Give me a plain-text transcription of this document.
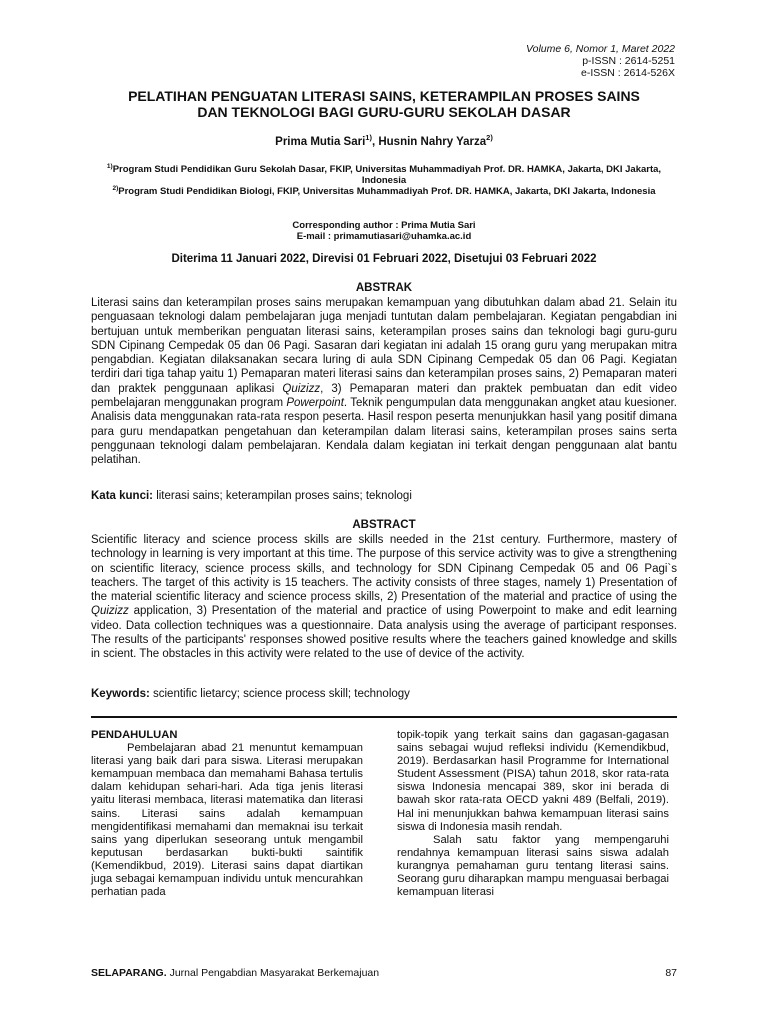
Volume 6, Nomor 1, Maret 2022
p-ISSN : 2614-5251
e-ISSN : 2614-526X
PELATIHAN PENGUATAN LITERASI SAINS, KETERAMPILAN PROSES SAINS
DAN TEKNOLOGI BAGI GURU-GURU SEKOLAH DASAR
Prima Mutia Sari$^{1)}$, Husnin Nahry Yarza$^{2)}$
$^{1)}$Program Studi Pendidikan Guru Sekolah Dasar, FKIP, Universitas Muhammadiyah Prof. DR. HAMKA, Jakarta, DKI Jakarta, Indonesia
$^{2)}$Program Studi Pendidikan Biologi, FKIP, Universitas Muhammadiyah Prof. DR. HAMKA, Jakarta, DKI Jakarta, Indonesia
Corresponding author : Prima Mutia Sari
E-mail : primamutiasari@uhamka.ac.id
Diterima 11 Januari 2022, Direvisi 01 Februari 2022, Disetujui 03 Februari 2022
ABSTRAK

Literasi sains dan keterampilan proses sains merupakan kemampuan yang dibutuhkan dalam abad 21. Selain itu penguasaan teknologi dalam pembelajaran juga menjadi tuntutan dalam pembelajaran. Kegiatan pengabdian ini bertujuan untuk memberikan penguatan literasi sains, keterampilan proses sains dan teknologi bagi guru-guru SDN Cipinang Cempedak 05 dan 06 Pagi. Sasaran dari kegiatan ini adalah 15 orang guru yang merupakan mitra pengabdian. Kegiatan dilaksanakan secara luring di aula SDN Cipinang Cempedak 05 dan 06 Pagi. Kegiatan terdiri dari tiga tahap yaitu 1) Pemaparan materi literasi sains dan keterampilan proses sains, 2) Pemaparan materi dan praktek penggunaan aplikasi Quizizz, 3) Pemaparan materi dan praktek pembuatan dan edit video pembelajaran menggunakan program Powerpoint. Teknik pengumpulan data menggunakan angket atau kuesioner. Analisis data menggunakan rata-rata respon peserta. Hasil respon peserta menunjukkan hasil yang positif dimana para guru mendapatkan pengetahuan dan keterampilan dalam literasi sains, keterampilan proses sains serta penggunaan teknologi dalam pembelajaran. Kendala dalam kegiatan ini terkait dengan penggunaan alat bantu pelatihan.

Kata kunci: literasi sains; keterampilan proses sains; teknologi
ABSTRACT

Scientific literacy and science process skills are skills needed in the 21st century. Furthermore, mastery of technology in learning is very important at this time. The purpose of this service activity was to give a strengthening on scientific literacy, science process skills, and technology for SDN Cipinang Cempedak 05 and 06 Pagi`s teachers. The target of this activity is 15 teachers. The activity consists of three stages, namely 1) Presentation of the material scientific literacy and science process skills, 2) Presentation of the material and practice of using the Quizizz application, 3) Presentation of the material and practice of using Powerpoint to make and edit learning video. Data collection techniques was a questionnaire. Data analysis using the average of participant responses. The results of the participants' responses showed positive results where the teachers gained knowledge and skills in scient. The obstacles in this activity were related to the use of device of the activity.

Keywords: scientific lietarcy; science process skill; technology
PENDAHULUAN

Pembelajaran abad 21 menuntut kemampuan literasi yang baik dari para siswa. Literasi merupakan kemampuan membaca dan memahami Bahasa tertulis dalam kehidupan sehari-hari. Ada tiga jenis literasi yaitu literasi membaca, literasi matematika dan literasi sains. Literasi sains adalah kemampuan mengidentifikasi memahami dan memaknai isu terkait sains yang diperlukan seseorang untuk mengambil keputusan berdasarkan bukti-bukti saintifik (Kemendikbud, 2019). Literasi sains dapat diartikan juga sebagai kemampuan individu untuk mencurahkan perhatian pada

topik-topik yang terkait sains dan gagasan-gagasan sains sebagai wujud refleksi individu (Kemendikbud, 2019). Berdasarkan hasil Programme for International Student Assessment (PISA) tahun 2018, skor rata-rata siswa Indonesia mencapai 389, skor ini berada di bawah skor rata-rata OECD yakni 489 (Belfali, 2019). Hal ini menunjukkan bahwa kemampuan literasi sains siswa di Indonesia masih rendah.

Salah satu faktor yang mempengaruhi rendahnya kemampuan literasi sains siswa adalah kurangnya pemahaman guru tentang literasi sains. Seorang guru diharapkan mampu menguasai berbagai kemampuan literasi

SELAPARANG. Jurnal Pengabdian Masyarakat Berkemajuan	87
